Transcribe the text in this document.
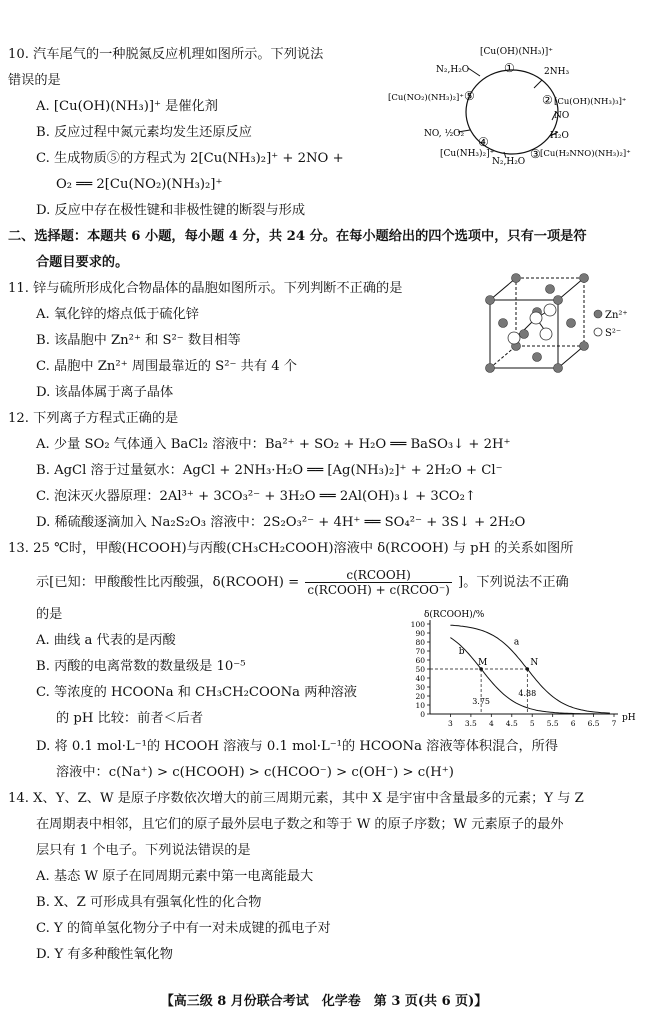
10. 汽车尾气的一种脱氮反应机理如图所示。下列说法
错误的是
A. [Cu(OH)(NH₃)]⁺ 是催化剂
B. 反应过程中氮元素均发生还原反应
C. 生成物质⑤的方程式为 2[Cu(NH₃)₂]⁺ + 2NO +
O₂ ══ 2[Cu(NO₂)(NH₃)₂]⁺
D. 反应中存在极性键和非极性键的断裂与形成
[Cu(OH)(NH₃)]⁺
①	2NH₃
② [Cu(OH)(NH₃)₃]⁺
NO
H₂O
③ [Cu(H₂NNO)(NH₃)₂]⁺
N₂,H₂O
④
[Cu(NH₃)₂]⁺
NO, ½O₂
⑤
[Cu(NO₂)(NH₃)₂]⁺
N₂,H₂O
二、选择题：本题共 6 小题，每小题 4 分，共 24 分。在每小题给出的四个选项中，只有一项是符
合题目要求的。
11. 锌与硫所形成化合物晶体的晶胞如图所示。下列判断不正确的是
A. 氧化锌的熔点低于硫化锌
B. 该晶胞中 Zn²⁺ 和 S²⁻ 数目相等
C. 晶胞中 Zn²⁺ 周围最靠近的 S²⁻ 共有 4 个
D. 该晶体属于离子晶体
Zn²⁺
S²⁻
12. 下列离子方程式正确的是
A. 少量 SO₂ 气体通入 BaCl₂ 溶液中：Ba²⁺ + SO₂ + H₂O ══ BaSO₃↓ + 2H⁺
B. AgCl 溶于过量氨水：AgCl + 2NH₃·H₂O ══ [Ag(NH₃)₂]⁺ + 2H₂O + Cl⁻
C. 泡沫灭火器原理：2Al³⁺ + 3CO₃²⁻ + 3H₂O ══ 2Al(OH)₃↓ + 3CO₂↑
D. 稀硫酸逐滴加入 Na₂S₂O₃ 溶液中：2S₂O₃²⁻ + 4H⁺ ══ SO₄²⁻ + 3S↓ + 2H₂O
13. 25 ℃时，甲酸(HCOOH)与丙酸(CH₃CH₂COOH)溶液中 δ(RCOOH) 与 pH 的关系如图所
示[已知：甲酸酸性比丙酸强，δ(RCOOH) = $\frac{\text{c(RCOOH)}}{\text{c(RCOOH) + c(RCOO⁻)}}$ ]。下列说法不正确
的是
A. 曲线 a 代表的是丙酸
B. 丙酸的电离常数的数量级是 10⁻⁵
C. 等浓度的 HCOONa 和 CH₃CH₂COONa 两种溶液
的 pH 比较：前者＜后者
D. 将 0.1 mol·L⁻¹的 HCOOH 溶液与 0.1 mol·L⁻¹的 HCOONa 溶液等体积混合，所得
溶液中：c(Na⁺) > c(HCOOH) > c(HCOO⁻) > c(OH⁻) > c(H⁺)
δ(RCOOH)/%
pH
0
10
20
30
40
50
60
70
80
90
100
3 3.5 4 4.5 5 5.5 6 6.5 7
a
b
M
3.75
N
4.88
14. X、Y、Z、W 是原子序数依次增大的前三周期元素，其中 X 是宇宙中含量最多的元素；Y 与 Z
在周期表中相邻，且它们的原子最外层电子数之和等于 W 的原子序数；W 元素原子的最外
层只有 1 个电子。下列说法错误的是
A. 基态 W 原子在同周期元素中第一电离能最大
B. X、Z 可形成具有强氧化性的化合物
C. Y 的简单氢化物分子中有一对未成键的孤电子对
D. Y 有多种酸性氧化物
【高三级 8 月份联合考试　化学卷　第 3 页(共 6 页)】
